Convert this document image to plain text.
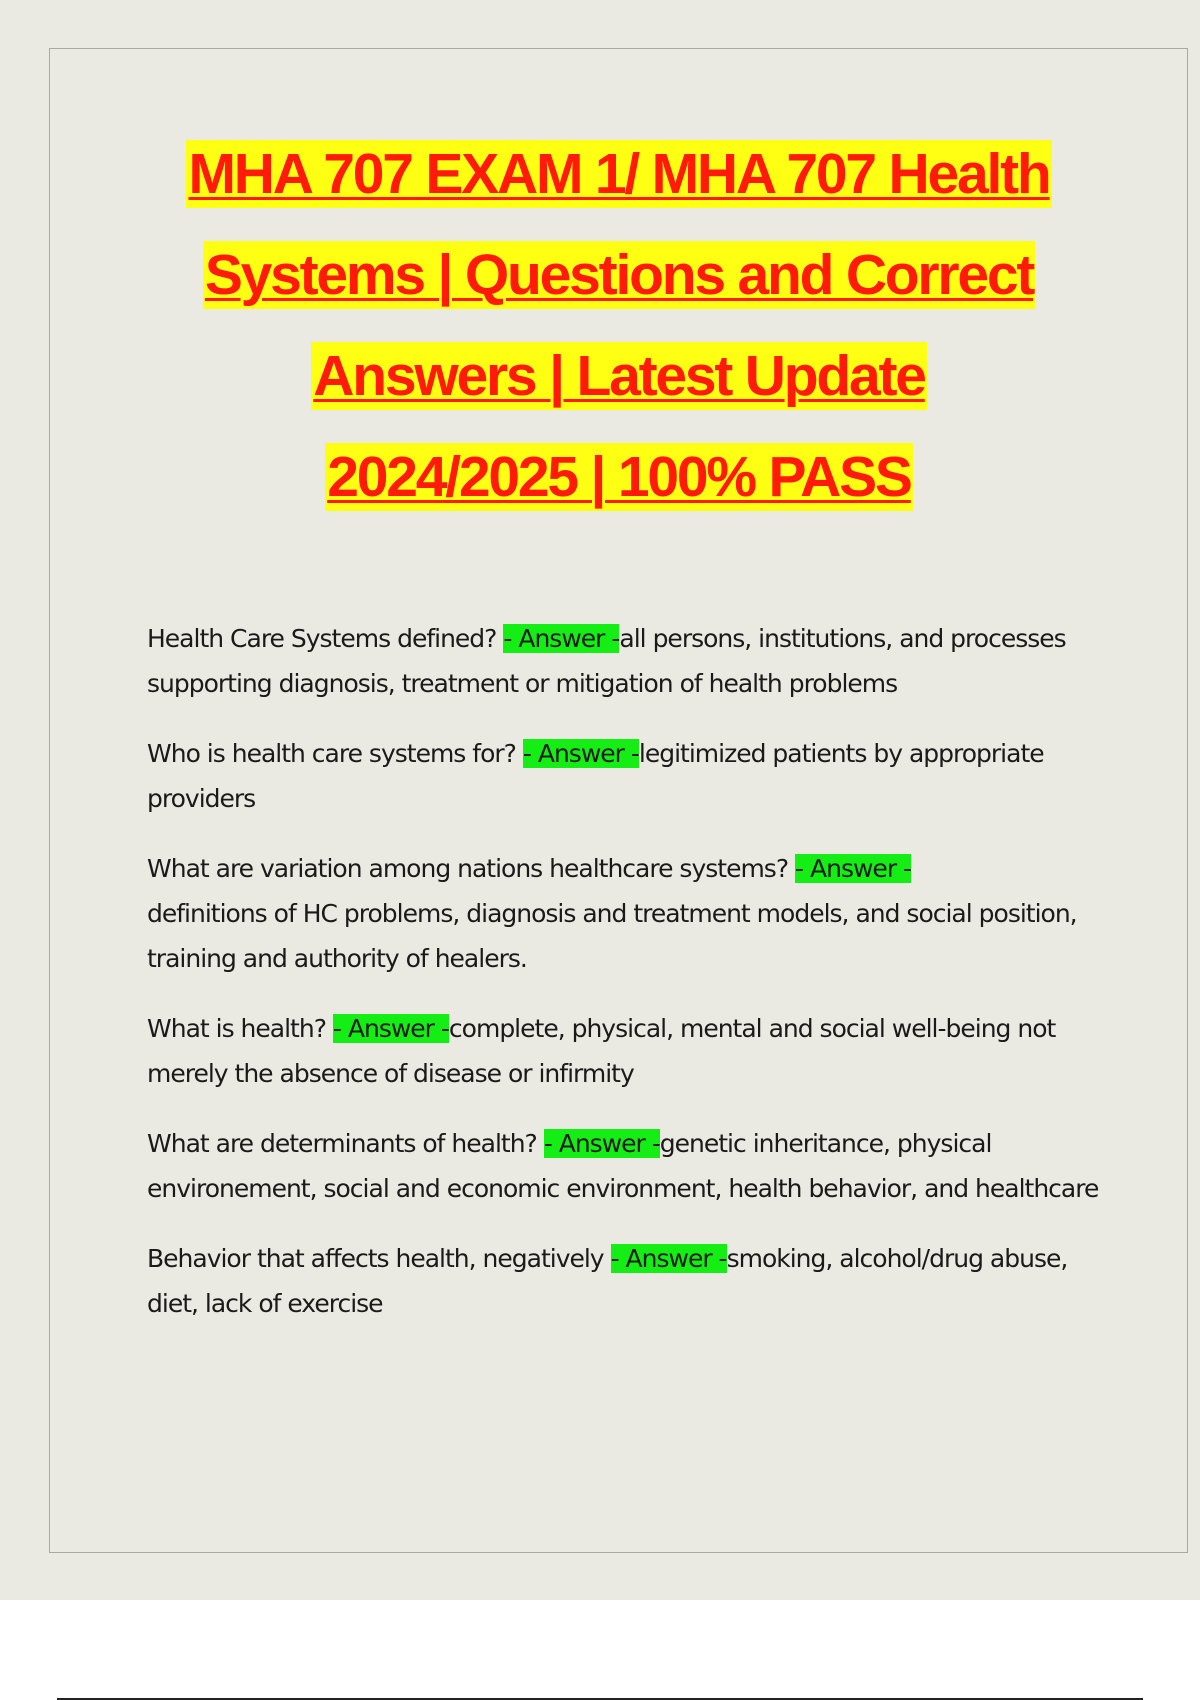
MHA 707 EXAM 1/ MHA 707 Health
Systems | Questions and Correct
Answers | Latest Update
2024/2025 | 100% PASS

Health Care Systems defined? - Answer -all persons, institutions, and processes supporting diagnosis, treatment or mitigation of health problems

Who is health care systems for? - Answer -legitimized patients by appropriate providers

What are variation among nations healthcare systems? - Answer -
definitions of HC problems, diagnosis and treatment models, and social position, training and authority of healers.

What is health? - Answer -complete, physical, mental and social well-being not merely the absence of disease or infirmity

What are determinants of health? - Answer -genetic inheritance, physical environement, social and economic environment, health behavior, and healthcare

Behavior that affects health, negatively - Answer -smoking, alcohol/drug abuse, diet, lack of exercise
